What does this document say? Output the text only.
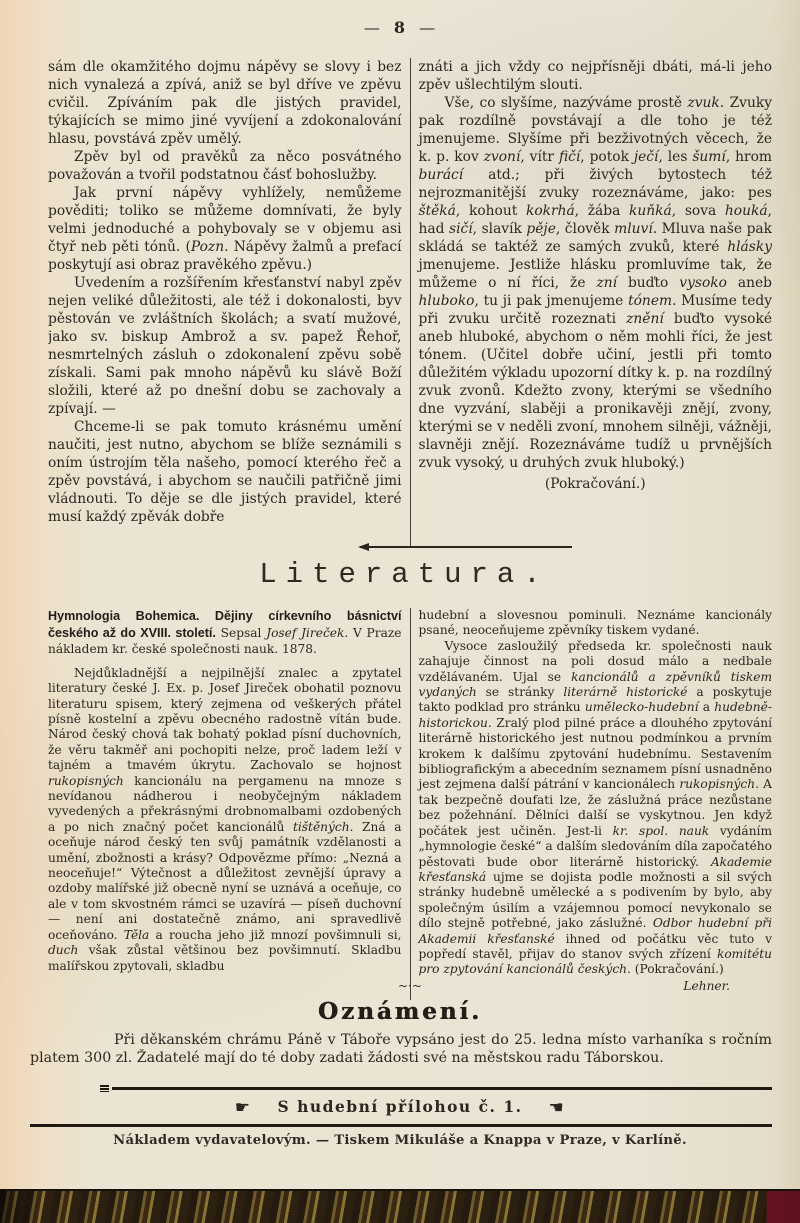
— 8 —

sám dle okamžitého dojmu nápěvy se slovy i bez nich vynalezá a zpívá, aniž se byl dříve ve zpěvu cvičil. Zpíváním pak dle jistých pravidel, týkajících se mimo jiné vyvíjení a zdokonalování hlasu, povstává zpěv umělý.

Zpěv byl od pravěků za něco posvátného považován a tvořil podstatnou čásť bohoslužby.

Jak první nápěvy vyhlížely, nemůžeme pověditi; toliko se můžeme domnívati, že byly velmi jednoduché a pohybovaly se v objemu asi čtyř neb pěti tónů. (Pozn. Nápěvy žalmů a prefací poskytují asi obraz pravěkého zpěvu.)

Uvedením a rozšířením křesťanství nabyl zpěv nejen veliké důležitosti, ale též i dokonalosti, byv pěstován ve zvláštních školách; a svatí mužové, jako sv. biskup Ambrož a sv. papež Řehoř, nesmrtelných zásluh o zdokonalení zpěvu sobě získali. Sami pak mnoho nápěvů ku slávě Boží složili, které až po dnešní dobu se zachovaly a zpívají. —

Chceme-li se pak tomuto krásnému umění naučiti, jest nutno, abychom se blíže seznámili s oním ústrojím těla našeho, pomocí kterého řeč a zpěv povstává, i abychom se naučili patřičně jimi vládnouti. To děje se dle jistých pravidel, které musí každý zpěvák dobře

znáti a jich vždy co nejpřísněji dbáti, má-li jeho zpěv ušlechtilým slouti.

Vše, co slyšíme, nazýváme prostě zvuk. Zvuky pak rozdílně povstávají a dle toho je též jmenujeme. Slyšíme při bezživotných věcech, že k. p. kov zvoní, vítr fičí, potok ječí, les šumí, hrom burácí atd.; při živých bytostech též nejrozmanitější zvuky rozeznáváme, jako: pes štěká, kohout kokrhá, žába kuňká, sova houká, had sičí, slavík pěje, člověk mluví. Mluva naše pak skládá se taktéž ze samých zvuků, které hlásky jmenujeme. Jestliže hlásku promluvíme tak, že můžeme o ní říci, že zní buďto vysoko aneb hluboko, tu ji pak jmenujeme tónem. Musíme tedy při zvuku určitě rozeznati znění buďto vysoké aneb hluboké, abychom o něm mohli říci, že jest tónem. (Učitel dobře učiní, jestli při tomto důležitém výkladu upozorní dítky k. p. na rozdílný zvuk zvonů. Kdežto zvony, kterými se všedního dne vyzvání, slaběji a pronikavěji znějí, zvony, kterými se v neděli zvoní, mnohem silněji, vážněji, slavněji znějí. Rozeznáváme tudíž u prvnějších zvuk vysoký, u druhých zvuk hluboký.)

(Pokračování.)

Literatura.

Hymnologia Bohemica. Dějiny církevního básnictví českého až do XVIII. století. Sepsal Josef Jireček. V Praze nákladem kr. české společnosti nauk. 1878.

Nejdůkladnější a nejpilnější znalec a zpytatel literatury české J. Ex. p. Josef Jireček obohatil poznovu literaturu spisem, který zejmena od veškerých přátel písně kostelní a zpěvu obecného radostně vítán bude. Národ český chová tak bohatý poklad písní duchovních, že věru takměř ani pochopiti nelze, proč ladem leží v tajném a tmavém úkrytu. Zachovalo se hojnost rukopisných kancionálu na pergamenu na mnoze s nevídanou nádherou i neobyčejným nákladem vyvedených a překrásnými drobnomalbami ozdobených a po nich značný počet kancionálů tištěných. Zná a oceňuje národ český ten svůj památník vzdělanosti a umění, zbožnosti a krásy? Odpovězme přímo: „Nezná a neoceňuje!“ Výtečnost a důležitost zevnější úpravy a ozdoby malířské již obecně nyní se uznává a oceňuje, co ale v tom skvostném rámci se uzavírá — píseň duchovní — není ani dostatečně známo, ani spravedlivě oceňováno. Těla a roucha jeho již mnozí povšimnuli si, duch však zůstal většinou bez povšimnutí. Skladbu malířskou zpytovali, skladbu

hudební a slovesnou pominuli. Neznáme kancionály psané, neoceňujeme zpěvníky tiskem vydané.

Vysoce zasloužilý předseda kr. společnosti nauk zahajuje činnost na poli dosud málo a nedbale vzdělávaném. Ujal se kancionálů a zpěvníků tiskem vydaných se stránky literárně historické a poskytuje takto podklad pro stránku umělecko-hudební a hudebně-historickou. Zralý plod pilné práce a dlouhého zpytování literárně historického jest nutnou podmínkou a prvním krokem k dalšímu zpytování hudebnímu. Sestavením bibliografickým a abecedním seznamem písní usnadněno jest zejmena další pátrání v kancionálech rukopisných. A tak bezpečně doufati lze, že záslužná práce nezůstane bez požehnání. Dělníci další se vyskytnou. Jen když počátek jest učiněn. Jest-li kr. spol. nauk vydáním „hymnologie české“ a dalším sledováním díla započatého pěstovati bude obor literárně historický. Akademie křesťanská ujme se dojista podle možnosti a sil svých stránky hudebně umělecké a s podivením by bylo, aby společným úsilím a vzájemnou pomocí nevykonalo se dílo stejně potřebné, jako záslužné. Odbor hudební při Akademii křesťanské ihned od počátku věc tuto v popředí stavěl, přijav do stanov svých zřízení komitétu pro zpytování kancionálů českých. (Pokračování.)

Lehner.

~·~
Oznámení.

Při děkanském chrámu Páně v Táboře vypsáno jest do 25. ledna místo varhaníka s ročním platem 300 zl. Žadatelé mají do té doby zadati žádosti své na městskou radu Táborskou.

☛ S hudební přílohou č. 1. ☚

Nákladem vydavatelovým. — Tiskem Mikuláše a Knappa v Praze, v Karlíně.
